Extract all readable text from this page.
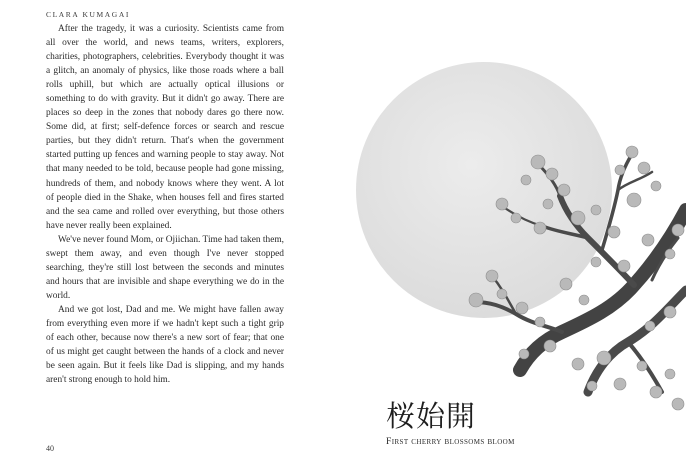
CLARA KUMAGAI

After the tragedy, it was a curiosity. Scientists came from all over the world, and news teams, writers, explorers, charities, photographers, celebrities. Everybody thought it was a glitch, an anomaly of physics, like those roads where a ball rolls uphill, but which are actually optical illusions or something to do with gravity. But it didn't go away. There are places so deep in the zones that nobody dares go there now. Some did, at first; self-defence forces or search and rescue parties, but they didn't return. That's when the government started putting up fences and warning people to stay away. Not that many needed to be told, because people had gone missing, hundreds of them, and nobody knows where they went. A lot of people died in the Shake, when houses fell and fires started and the sea came and rolled over everything, but those others have never really been explained.

We've never found Mom, or Ojiichan. Time had taken them, swept them away, and even though I've never stopped searching, they're still lost between the seconds and minutes and hours that are invisible and shape everything we do in the world.

And we got lost, Dad and me. We might have fallen away from everything even more if we hadn't kept such a tight grip of each other, because now there's a new sort of fear; that one of us might get caught between the hands of a clock and never be seen again. But it feels like Dad is slipping, and my hands aren't strong enough to hold him.

40
桜始開
First cherry blossoms bloom
